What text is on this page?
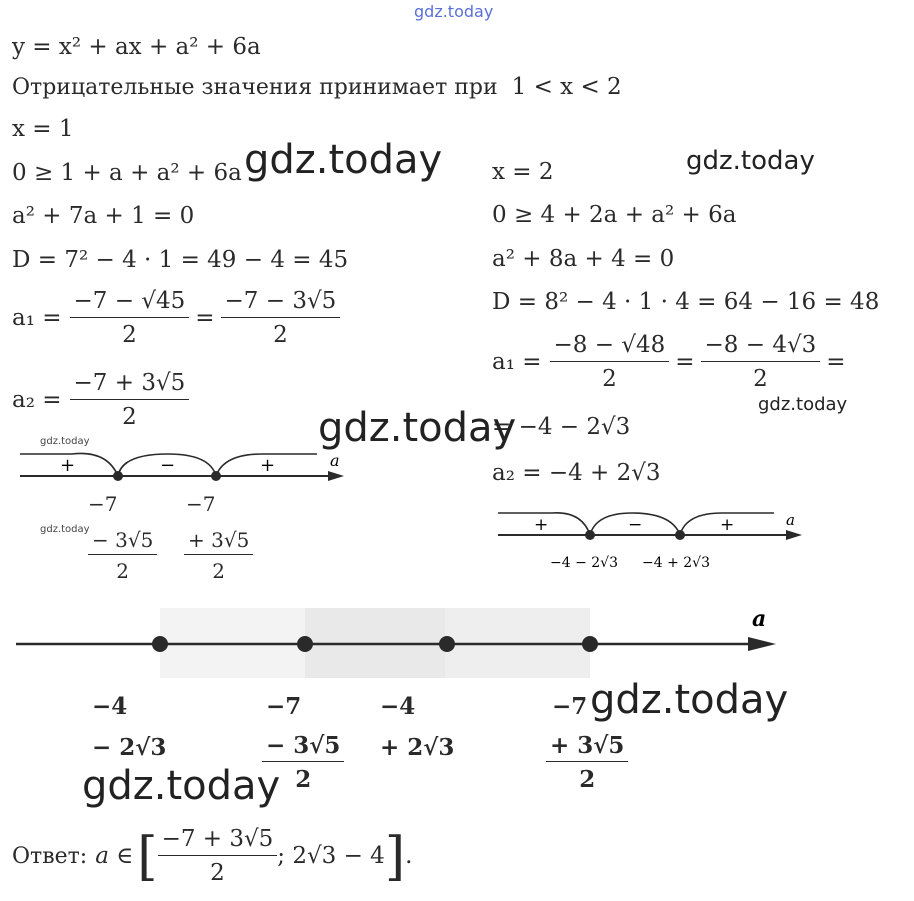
gdz.today
y = x² + ax + a² + 6a
Отрицательные значения принимает при 1 < x < 2
x = 1
0 ≥ 1 + a + a² + 6a
a² + 7a + 1 = 0
D = 7² − 4 · 1 = 49 − 4 = 45
$a_1 = \frac{-7 - √45}{2} = \frac{-7 - 3√5}{2}$
$a_2 = \frac{-7 + 3√5}{2}$
+	−	+	a
gdz.today
gdz.today
−7
$\frac{- 3√5}{2}$
−7
$\frac{+ 3√5}{2}$
x = 2
0 ≥ 4 + 2a + a² + 6a
a² + 8a + 4 = 0
D = 8² − 4 · 1 · 4 = 64 − 16 = 48
$a_1 = \frac{-8 - √48}{2} = \frac{-8 - 4√3}{2}$ =
= −4 − 2√3
a₂ = −4 + 2√3
+	−	+	a
−4 − 2√3 −4 + 2√3
a
−4
− 2√3
−7
$\frac{- 3√5}{2}$
−4
+ 2√3
−7
$\frac{+ 3√5}{2}$
Ответ: a ∈ [ $\frac{-7 + 3√5}{2}$ ; 2√3 − 4 ] .
gdz.today	gdz.today
gdz.today
gdz.today
gdz.today
gdz.today
